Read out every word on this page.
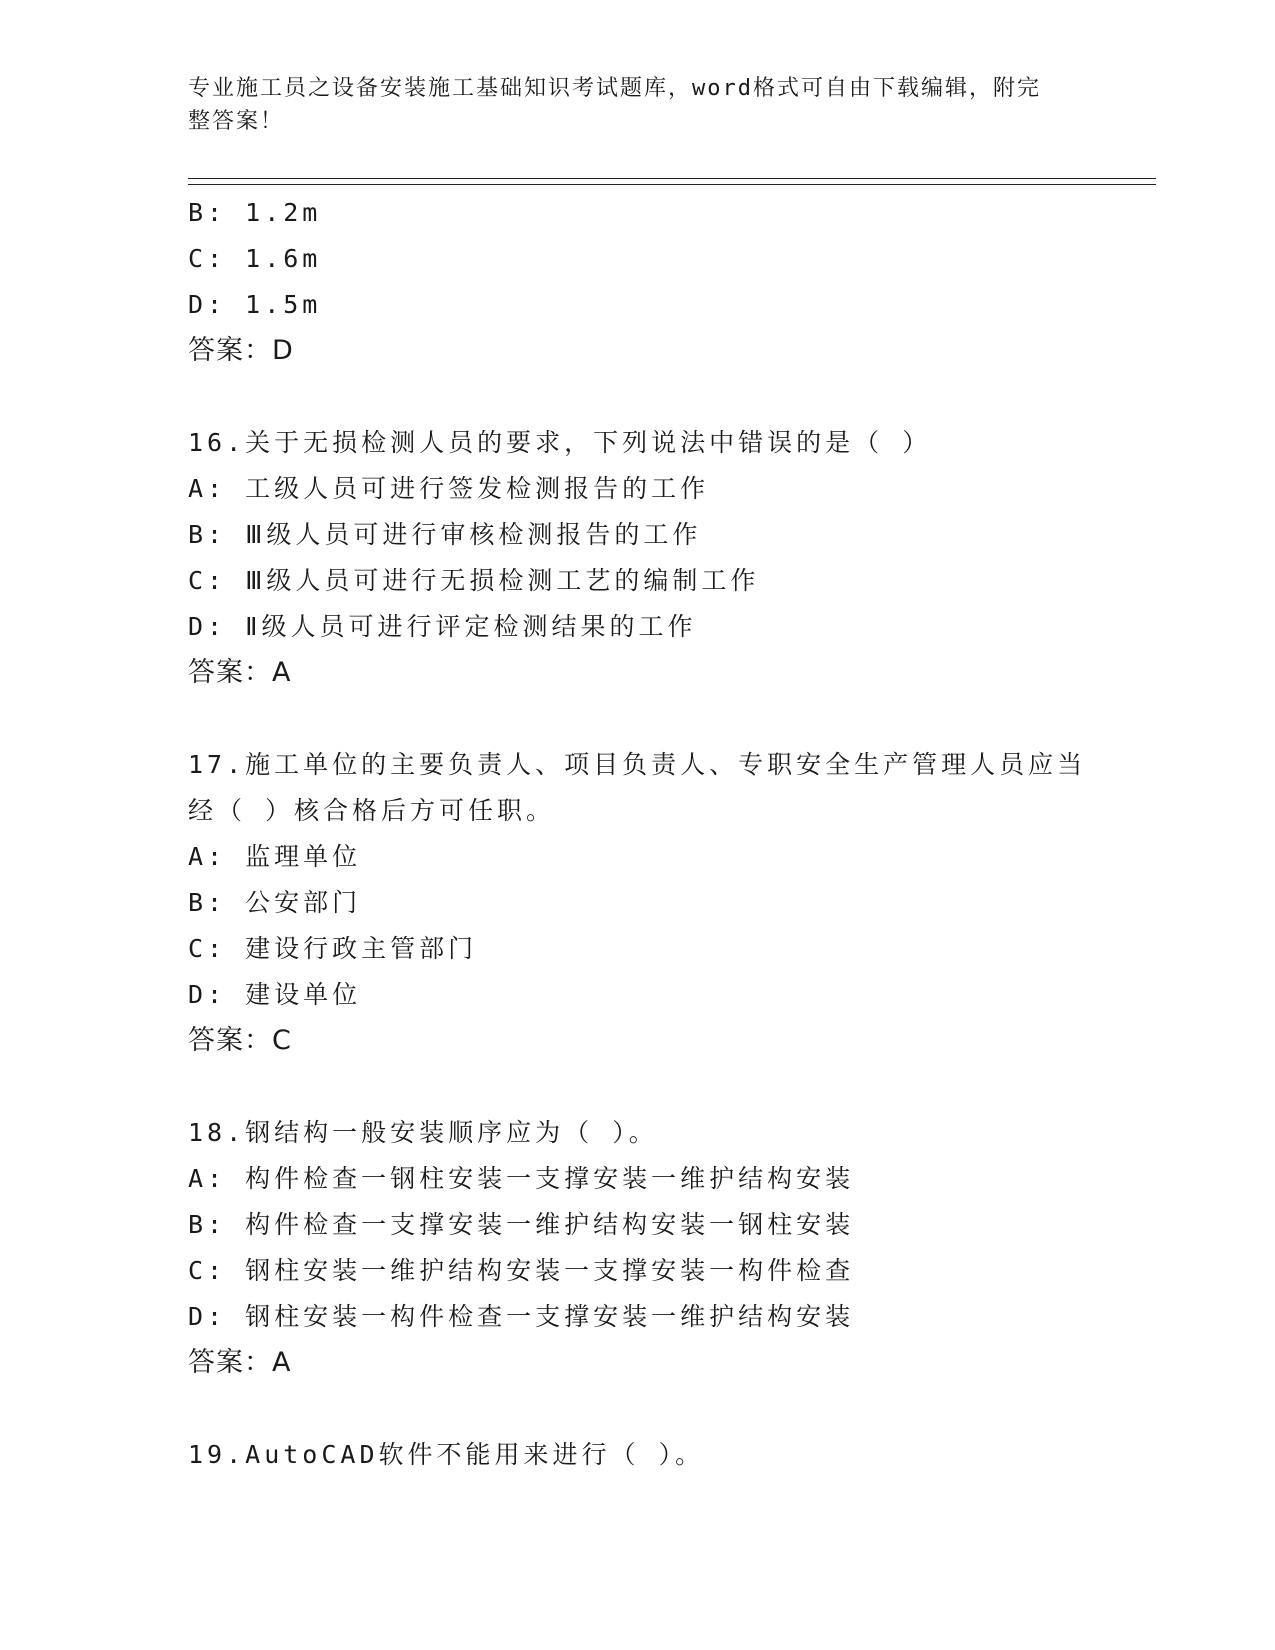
专业施工员之设备安装施工基础知识考试题库，word格式可自由下载编辑，附完
整答案！
B: 1.2m
C: 1.6m
D: 1.5m
答案：D
16.关于无损检测人员的要求，下列说法中错误的是（ ）
A: 工级人员可进行签发检测报告的工作
B: Ⅲ级人员可进行审核检测报告的工作
C: Ⅲ级人员可进行无损检测工艺的编制工作
D: Ⅱ级人员可进行评定检测结果的工作
答案：A
17.施工单位的主要负责人、项目负责人、专职安全生产管理人员应当
经（ ）核合格后方可任职。
A: 监理单位
B: 公安部门
C: 建设行政主管部门
D: 建设单位
答案：C
18.钢结构一般安装顺序应为（ ）。
A: 构件检查一钢柱安装一支撑安装一维护结构安装
B: 构件检查一支撑安装一维护结构安装一钢柱安装
C: 钢柱安装一维护结构安装一支撑安装一构件检查
D: 钢柱安装一构件检查一支撑安装一维护结构安装
答案：A
19.AutoCAD软件不能用来进行（ ）。
